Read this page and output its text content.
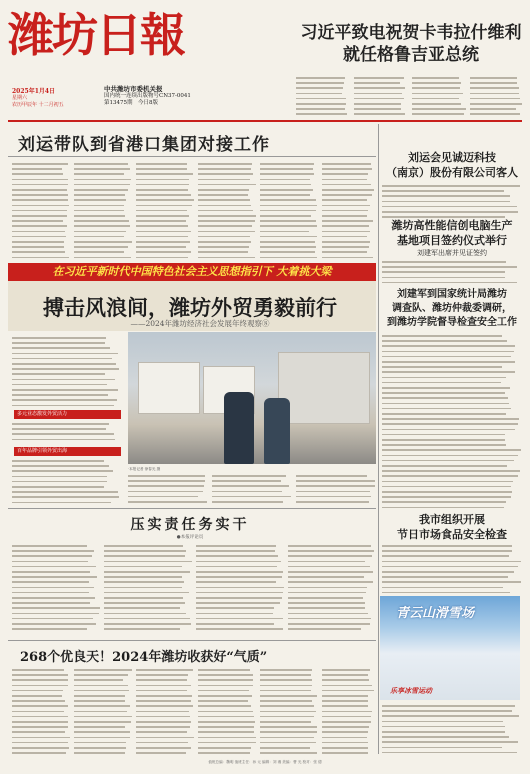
潍坊日報
2025年1月4日
星期六
农历甲辰年 十二月初五
中共潍坊市委机关报
国内统一连续出版物号CN37-0041
第13475期　 今日8版
习近平致电祝贺卡韦拉什维利
就任格鲁吉亚总统
刘运带队到省港口集团对接工作
在习近平新时代中国特色社会主义思想指引下 大着挑大梁
搏击风浪间，潍坊外贸勇毅前行
——2024年潍坊经济社会发展年终观察⑧
多元业态激发外贸活力
百年品牌引领外贸出海
·本报记者 徐春光 摄
压实责任务实干
●本报评论员
268个优良天！2024年潍坊收获好“气质”
刘运会见诚迈科技
（南京）股份有限公司客人
潍坊高性能信创电脑生产
基地项目签约仪式举行
刘建军出席并见证签约
刘建军到国家统计局潍坊
调查队、潍坊仲裁委调研，
到潍坊学院督导检查安全工作
我市组织开展
节日市场食品安全检查
青云山滑雪场
乐享冰雪运动
值班总编：魏明 值班主任：孙 元 编辑：刘 湘 美编：曹 光 校对：张 德
